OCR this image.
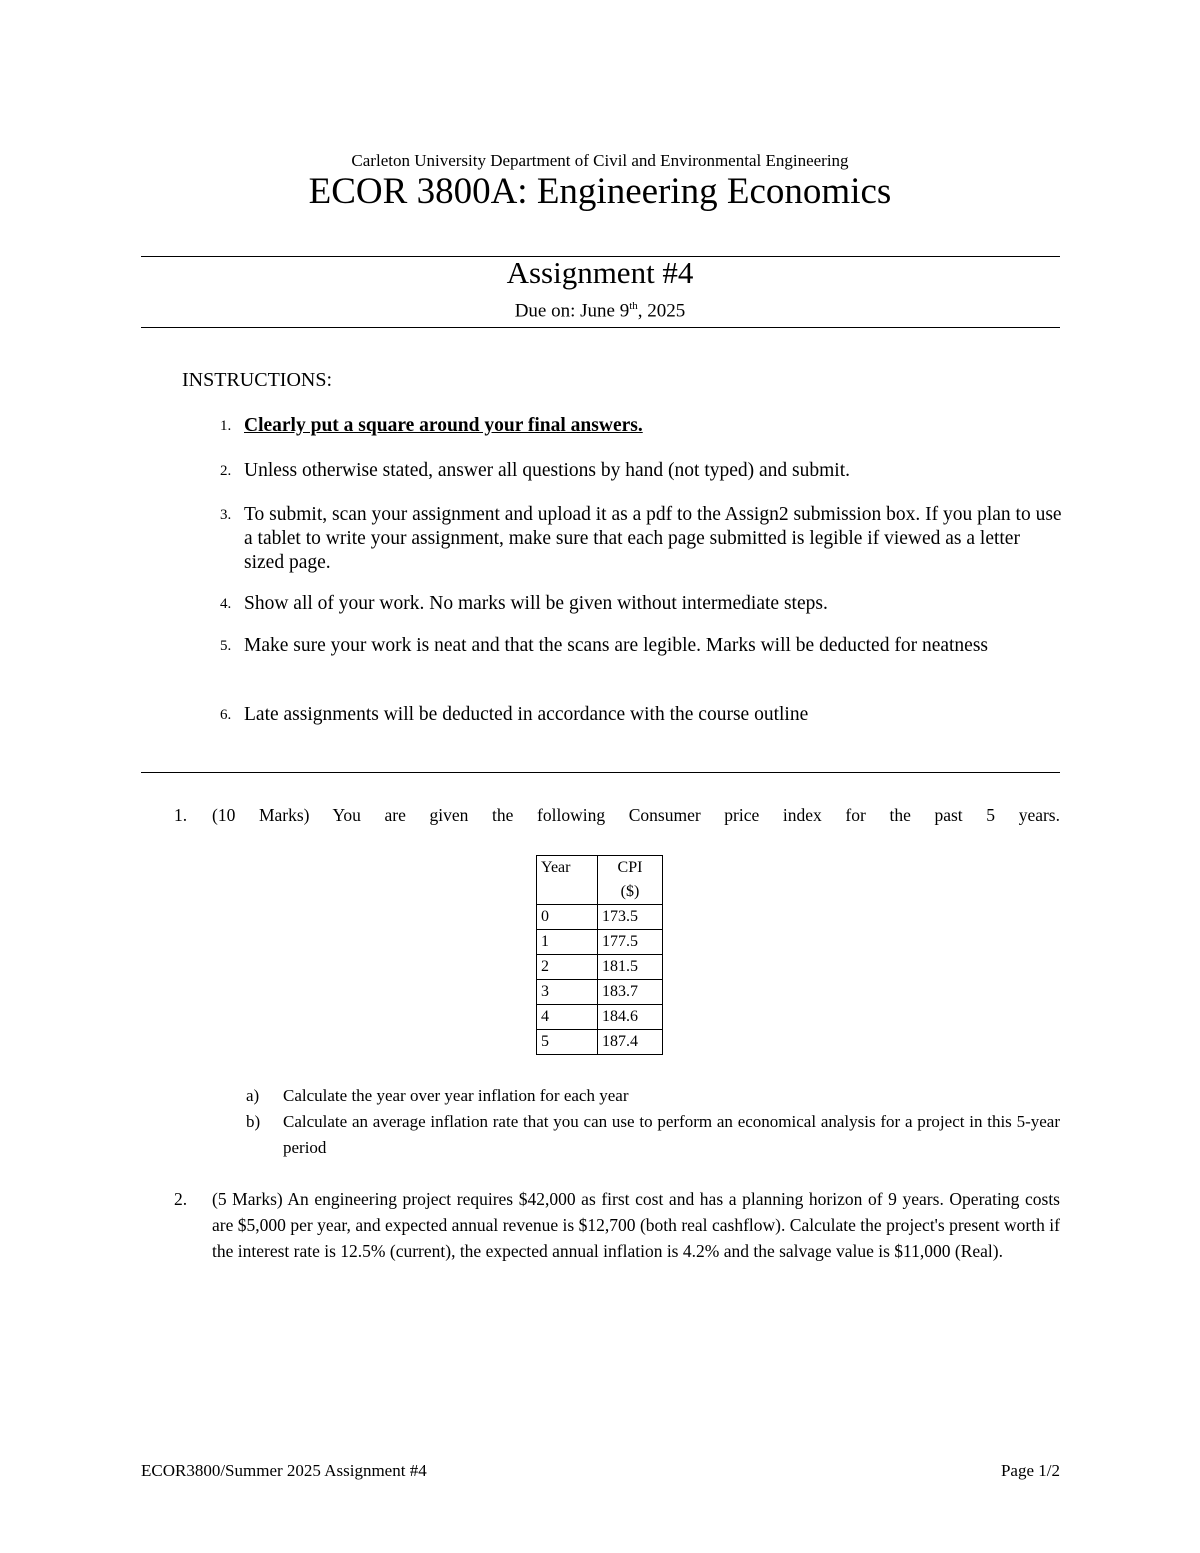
Carleton University Department of Civil and Environmental Engineering
ECOR 3800A: Engineering Economics
Assignment #4
Due on: June 9th, 2025
INSTRUCTIONS:
1. Clearly put a square around your final answers.
2. Unless otherwise stated, answer all questions by hand (not typed) and submit.
3. To submit, scan your assignment and upload it as a pdf to the Assign2 submission box. If you plan to use a tablet to write your assignment, make sure that each page submitted is legible if viewed as a letter sized page.
4. Show all of your work. No marks will be given without intermediate steps.
5. Make sure your work is neat and that the scans are legible. Marks will be deducted for neatness
6. Late assignments will be deducted in accordance with the course outline
1. (10 Marks) You are given the following Consumer price index for the past 5 years.
Year	CPI
($)
0	173.5
1	177.5
2	181.5
3	183.7
4	184.6
5	187.4
a) Calculate the year over year inflation for each year
b) Calculate an average inflation rate that you can use to perform an economical analysis for a project in this 5-year period
2. (5 Marks) An engineering project requires $42,000 as first cost and has a planning horizon of 9 years. Operating costs are $5,000 per year, and expected annual revenue is $12,700 (both real cashflow). Calculate the project's present worth if the interest rate is 12.5% (current), the expected annual inflation is 4.2% and the salvage value is $11,000 (Real).
ECOR3800/Summer 2025 Assignment #4	Page 1/2
